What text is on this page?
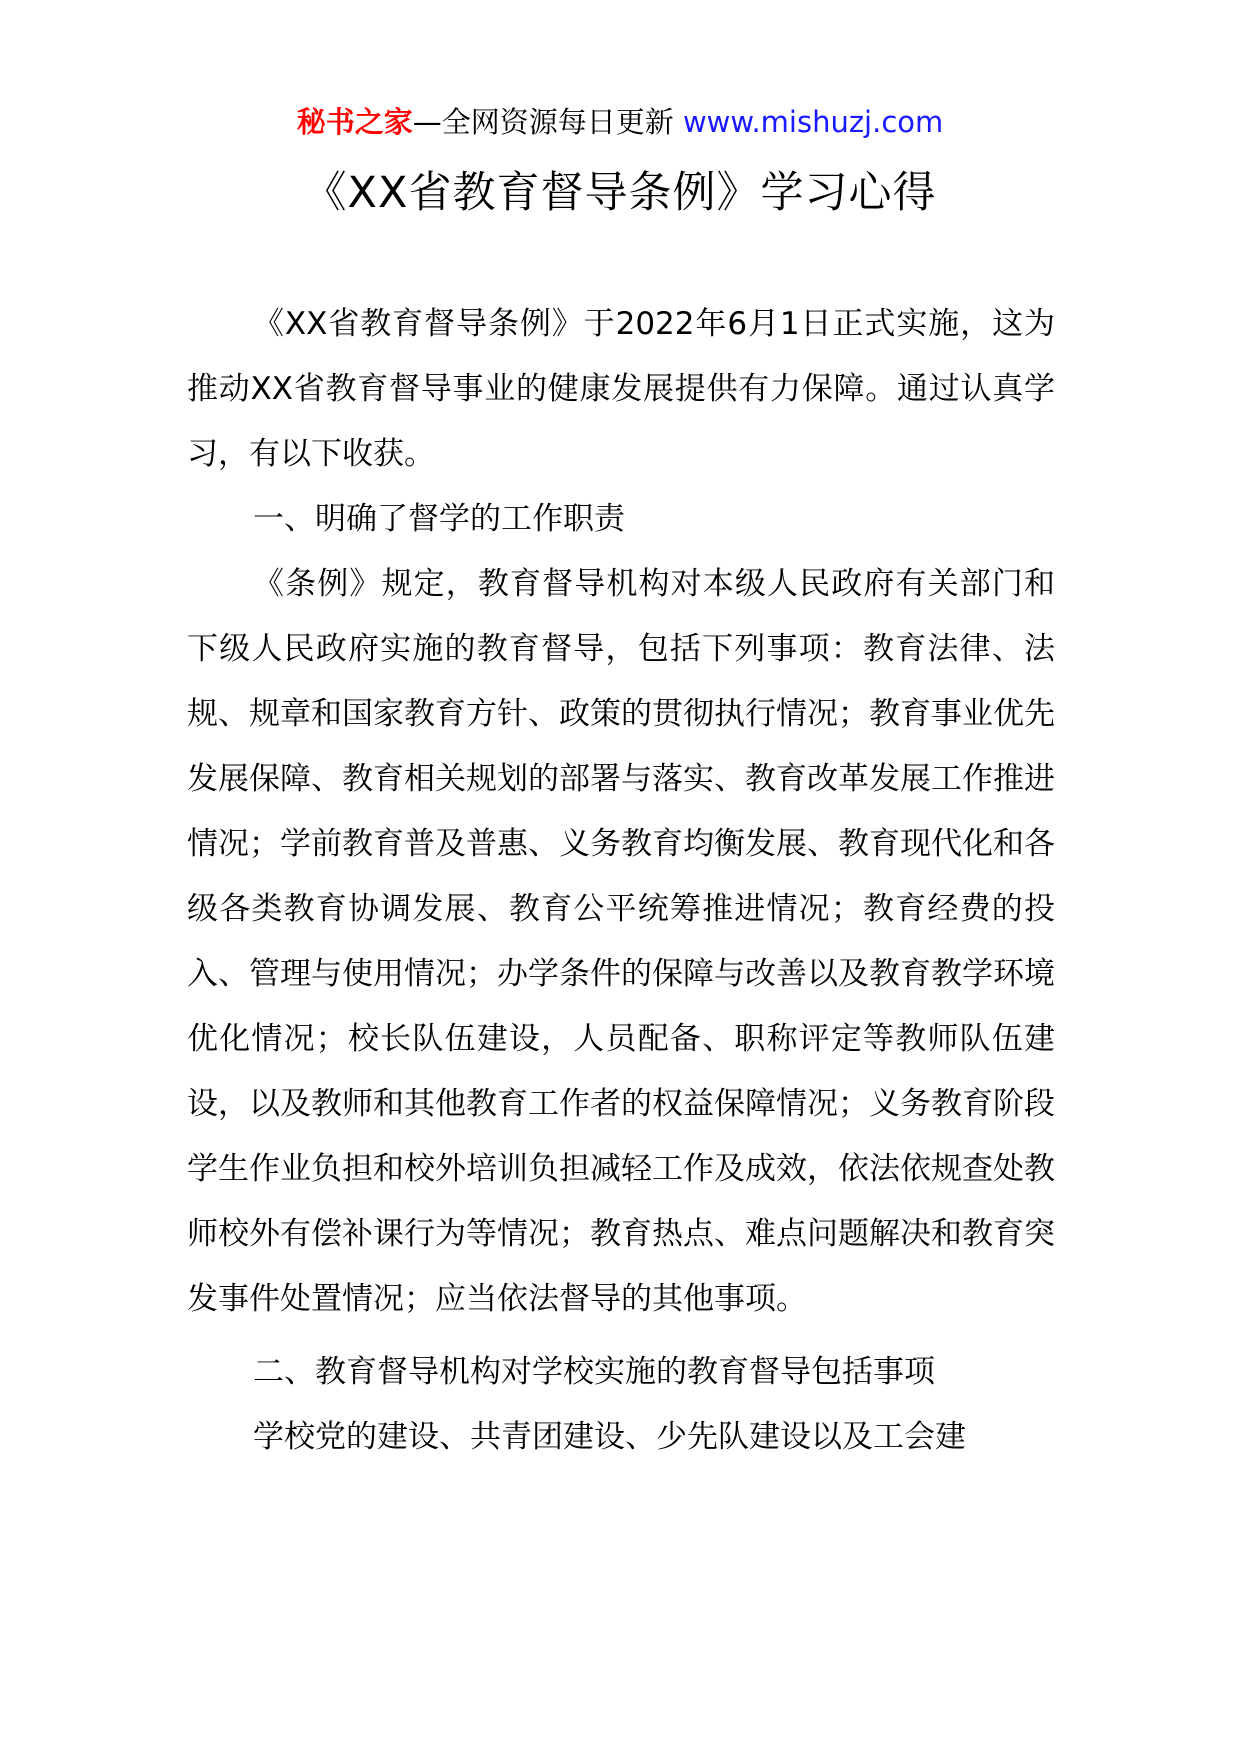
秘书之家—全网资源每日更新 www.mishuzj.com
《XX省教育督导条例》学习心得

《XX省教育督导条例》于2022年6月1日正式实施，这为推动XX省教育督导事业的健康发展提供有力保障。通过认真学习，有以下收获。

一、明确了督学的工作职责

《条例》规定，教育督导机构对本级人民政府有关部门和下级人民政府实施的教育督导，包括下列事项：教育法律、法规、规章和国家教育方针、政策的贯彻执行情况；教育事业优先发展保障、教育相关规划的部署与落实、教育改革发展工作推进情况；学前教育普及普惠、义务教育均衡发展、教育现代化和各级各类教育协调发展、教育公平统筹推进情况；教育经费的投入、管理与使用情况；办学条件的保障与改善以及教育教学环境优化情况；校长队伍建设，人员配备、职称评定等教师队伍建设，以及教师和其他教育工作者的权益保障情况；义务教育阶段学生作业负担和校外培训负担减轻工作及成效，依法依规查处教师校外有偿补课行为等情况；教育热点、难点问题解决和教育突发事件处置情况；应当依法督导的其他事项。

二、教育督导机构对学校实施的教育督导包括事项

学校党的建设、共青团建设、少先队建设以及工会建
